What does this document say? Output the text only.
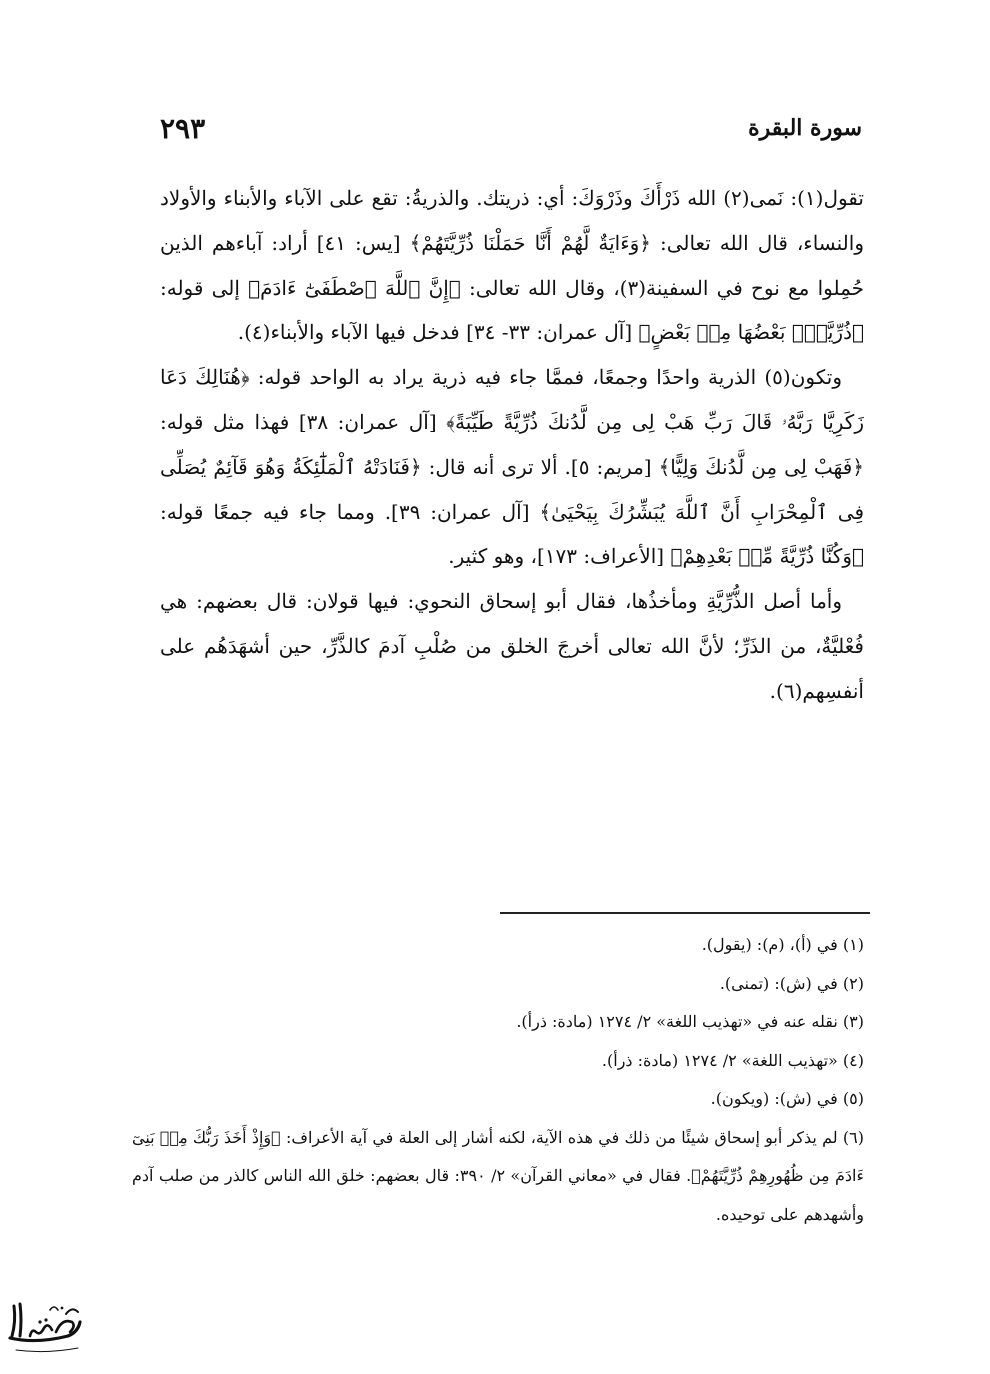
سورة البقرة
٢٩٣

تقول(١): نَمى(٢) الله ذَرْأَكَ وذَرْوَكَ: أي: ذريتك. والذريةُ: تقع على الآباء والأبناء والأولاد والنساء، قال الله تعالى: ﴿وَءَايَةٌ لَّهُمْ أَنَّا حَمَلْنَا ذُرِّيَّتَهُمْ﴾ [يس: ٤١] أراد: آباءهم الذين حُمِلوا مع نوح في السفينة(٣)، وقال الله تعالى: ﴿إِنَّ ٱللَّهَ ٱصْطَفَىٰٓ ءَادَمَ﴾ إلى قوله: ﴿ذُرِّيَّةًۢ بَعْضُهَا مِنۢ بَعْضٍ﴾ [آل عمران: ٣٣- ٣٤] فدخل فيها الآباء والأبناء(٤).

وتكون(٥) الذرية واحدًا وجمعًا، فممَّا جاء فيه ذرية يراد به الواحد قوله: ﴿هُنَالِكَ دَعَا زَكَرِيَّا رَبَّهُۥ قَالَ رَبِّ هَبْ لِى مِن لَّدُنكَ ذُرِّيَّةً طَيِّبَةً﴾ [آل عمران: ٣٨] فهذا مثل قوله: ﴿فَهَبْ لِى مِن لَّدُنكَ وَلِيًّا﴾ [مريم: ٥]. ألا ترى أنه قال: ﴿فَنَادَتْهُ ٱلْمَلَٰٓئِكَةُ وَهُوَ قَآئِمٌ يُصَلِّى فِى ٱلْمِحْرَابِ أَنَّ ٱللَّهَ يُبَشِّرُكَ بِيَحْيَىٰ﴾ [آل عمران: ٣٩]. ومما جاء فيه جمعًا قوله: ﴿وَكُنَّا ذُرِّيَّةً مِّنۢ بَعْدِهِمْ﴾ [الأعراف: ١٧٣]، وهو كثير.

وأما أصل الذُّرِّيَّةِ ومأخذُها، فقال أبو إسحاق النحوي: فيها قولان: قال بعضهم: هي فُعْليَّةٌ، من الذَرِّ؛ لأنَّ الله تعالى أخرجَ الخلق من صُلْبِ آدمَ كالذَّرِّ، حين أشهَدَهُم على أنفسِهم(٦).

(١) في (أ)، (م): (يقول).

(٢) في (ش): (تمنى).

(٣) نقله عنه في «تهذيب اللغة» ٢/ ١٢٧٤ (مادة: ذرأ).

(٤) «تهذيب اللغة» ٢/ ١٢٧٤ (مادة: ذرأ).

(٥) في (ش): (ويكون).

(٦) لم يذكر أبو إسحاق شيئًا من ذلك في هذه الآية، لكنه أشار إلى العلة في آية الأعراف: ﴿وَإِذْ أَخَذَ رَبُّكَ مِنۢ بَنِىٓ ءَادَمَ مِن ظُهُورِهِمْ ذُرِّيَّتَهُمْ﴾. فقال في «معاني القرآن» ٢/ ٣٩٠: قال بعضهم: خلق الله الناس كالذر من صلب آدم وأشهدهم على توحيده.
